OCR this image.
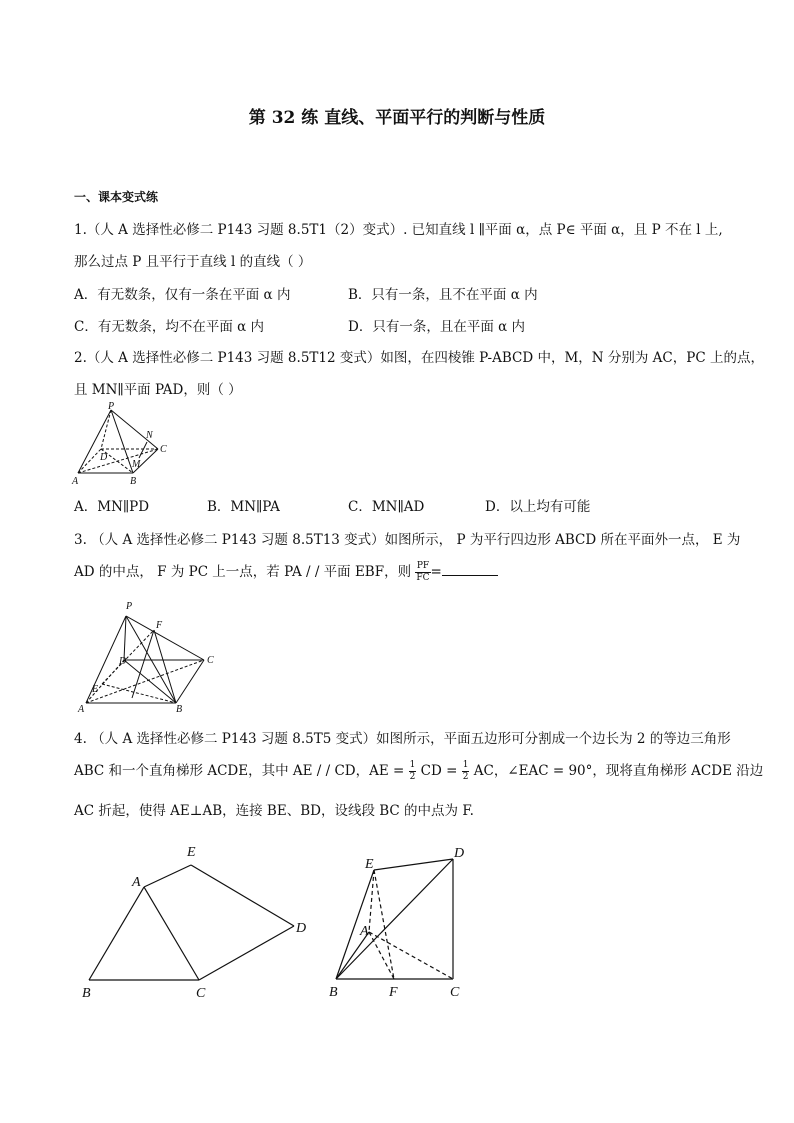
第 32 练 直线、平面平行的判断与性质
一、课本变式练
1.（人 A 选择性必修二 P143 习题 8.5T1（2）变式）. 已知直线 l ∥平面 α，点 P∈ 平面 α，且 P 不在 l 上,
那么过点 P 且平行于直线 l 的直线（ ）
A．有无数条，仅有一条在平面 α 内	B．只有一条，且不在平面 α 内
C．有无数条，均不在平面 α 内	D．只有一条，且在平面 α 内
2.（人 A 选择性必修二 P143 习题 8.5T12 变式）如图，在四棱锥 P-ABCD 中，M，N 分别为 AC，PC 上的点，
且 MN∥平面 PAD，则（ ）
P
N
C
D
M
A	B
A．MN∥PD	B．MN∥PA	C．MN∥AD	D．以上均有可能
3. （人 A 选择性必修二 P143 习题 8.5T13 变式）如图所示， P 为平行四边形 ABCD 所在平面外一点， E 为
AD 的中点， F 为 PC 上一点，若 PA / / 平面 EBF，则 $\frac{PF}{FC}$ =
P
F
D	C
E
A	B
4. （人 A 选择性必修二 P143 习题 8.5T5 变式）如图所示，平面五边形可分割成一个边长为 2 的等边三角形
ABC 和一个直角梯形 ACDE，其中 AE / / CD，AE = $\frac{1}{2}$ CD = $\frac{1}{2}$ AC，∠EAC = 90°，现将直角梯形 ACDE 沿边
AC 折起，使得 AE⊥AB，连接 BE、BD，设线段 BC 的中点为 F.
E
A
D
B	C
E
D
A
B	F	C
